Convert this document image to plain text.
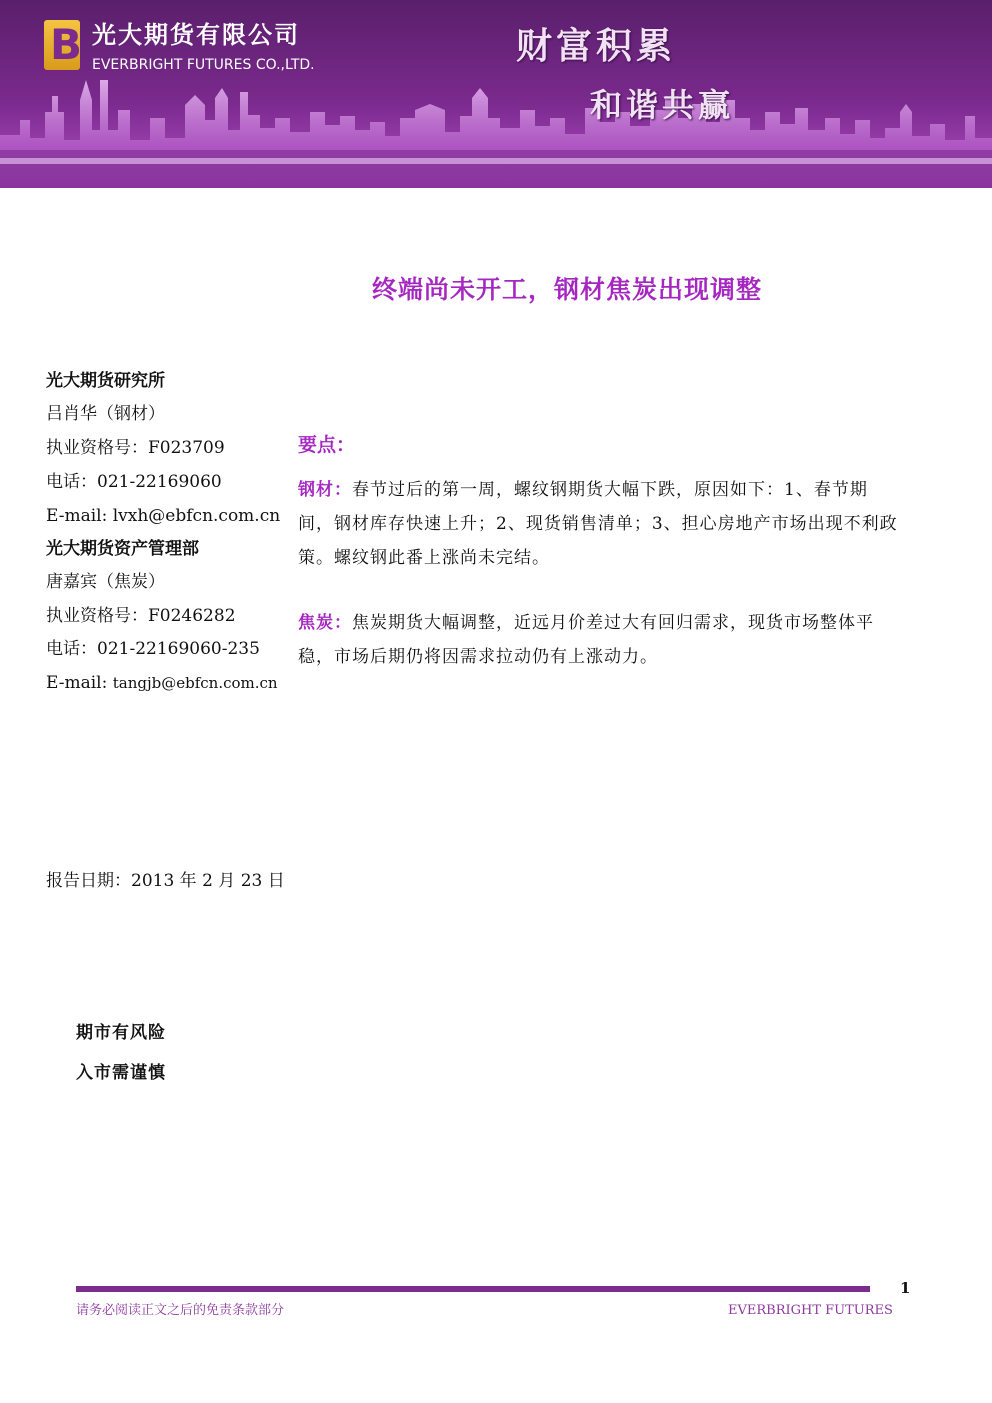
B 光大期货有限公司
EVERBRIGHT FUTURES CO.,LTD.	财富积累
和谐共赢
终端尚未开工，钢材焦炭出现调整
光大期货研究所
吕肖华（钢材）
执业资格号：F023709
电话：021-22169060
E-mail: lvxh@ebfcn.com.cn
光大期货资产管理部
唐嘉宾（焦炭）
执业资格号：F0246282
电话：021-22169060-235
E-mail: tangjb@ebfcn.com.cn
要点：
钢材：春节过后的第一周，螺纹钢期货大幅下跌，原因如下：1、春节期间，钢材库存快速上升；2、现货销售清单；3、担心房地产市场出现不利政策。螺纹钢此番上涨尚未完结。
焦炭：焦炭期货大幅调整，近远月价差过大有回归需求，现货市场整体平稳，市场后期仍将因需求拉动仍有上涨动力。
报告日期：2013 年 2 月 23 日
期市有风险
入市需谨慎
1
请务必阅读正文之后的免责条款部分	EVERBRIGHT FUTURES
